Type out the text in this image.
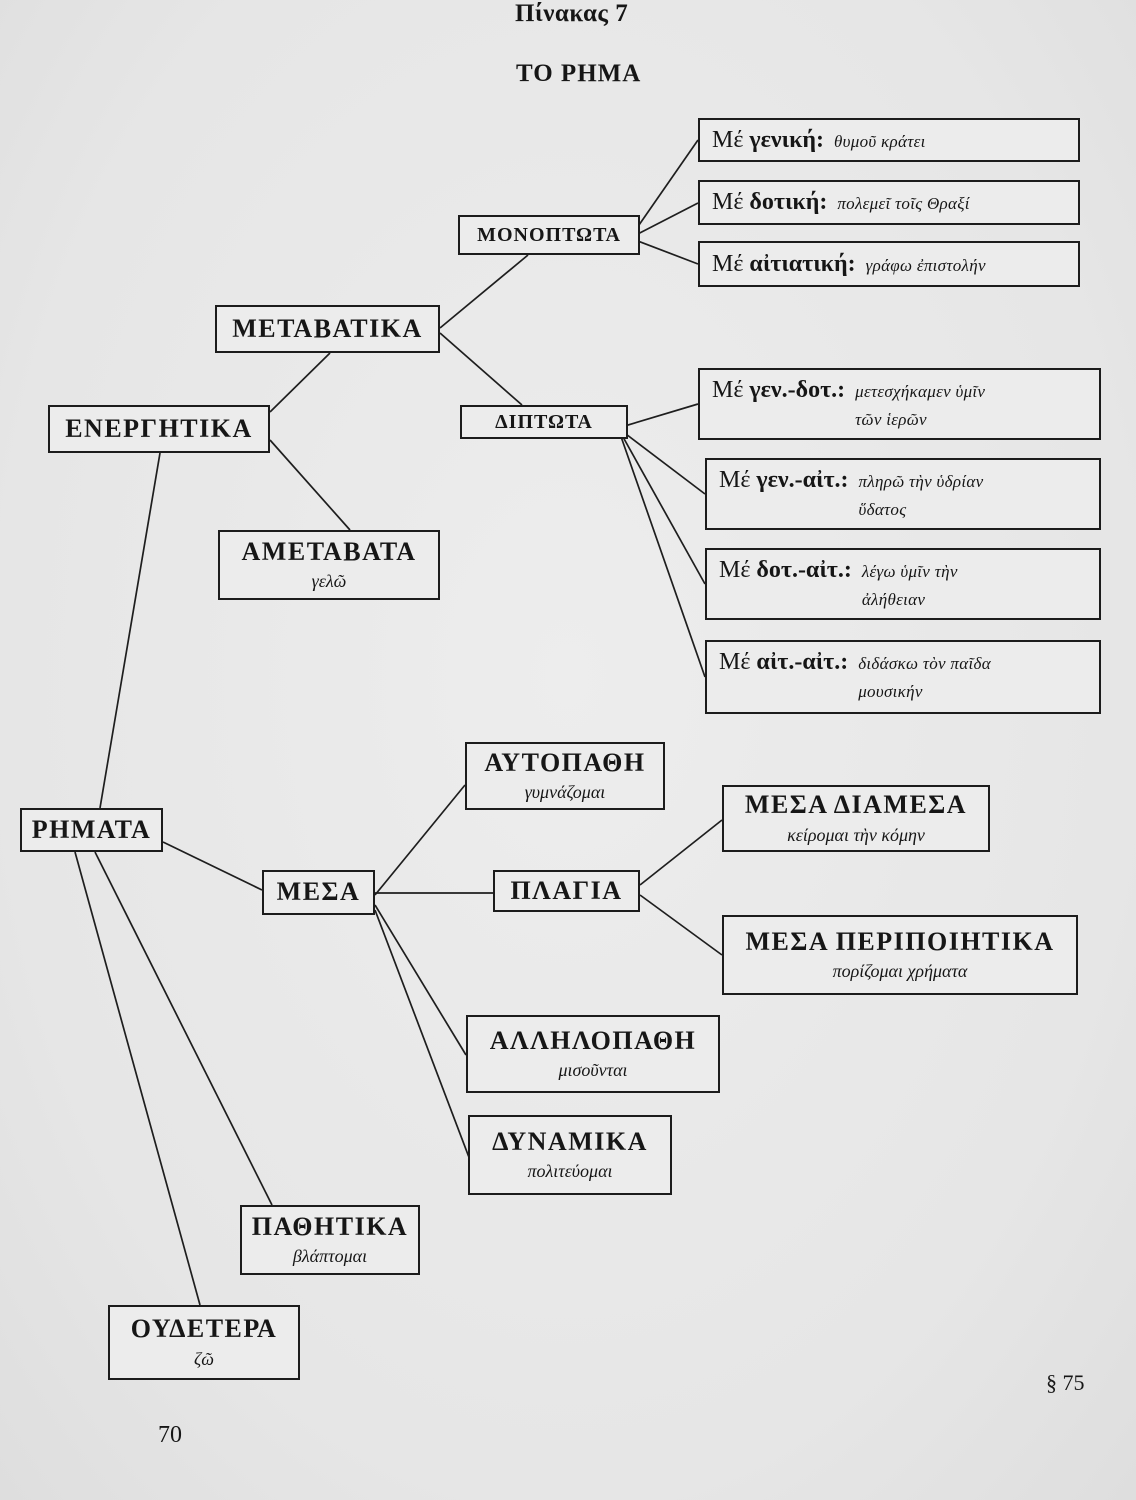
Πίνακας 7
ΤΟ ΡΗΜΑ
ΡΗΜΑΤΑ
ΕΝΕΡΓΗΤΙΚΑ
ΜΕΤΑΒΑΤΙΚΑ
ΜΟΝΟΠΤΩΤΑ
Μέ γενική: θυμοῦ κράτει
Μέ δοτική: πολεμεῖ τοῖς Θραξί
Μέ αἰτιατική: γράφω ἐπιστολήν
ΔΙΠΤΩΤΑ
Μέ γεν.-δοτ.: μετεσχήκαμεν ὑμῖν
τῶν ἱερῶν
Μέ γεν.-αἰτ.: πληρῶ τὴν ὑδρίαν
ὕδατος
Μέ δοτ.-αἰτ.: λέγω ὑμῖν τὴν
ἀλήθειαν
Μέ αἰτ.-αἰτ.: διδάσκω τὸν παῖδα
μουσικήν
ΑΜΕΤΑΒΑΤΑ
γελῶ
ΜΕΣΑ
ΑΥΤΟΠΑΘΗ
γυμνάζομαι
ΠΛΑΓΙΑ
ΜΕΣΑ ΔΙΑΜΕΣΑ
κείρομαι τὴν κόμην
ΜΕΣΑ ΠΕΡΙΠΟΙΗΤΙΚΑ
πορίζομαι χρήματα
ΑΛΛΗΛΟΠΑΘΗ
μισοῦνται
ΔΥΝΑΜΙΚΑ
πολιτεύομαι
ΠΑΘΗΤΙΚΑ
βλάπτομαι
ΟΥΔΕΤΕΡΑ
ζῶ
§ 75
70
